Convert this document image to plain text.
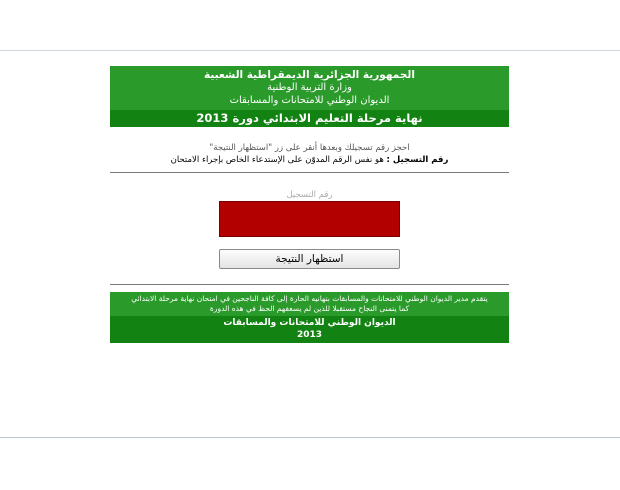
الجمهورية الجزائرية الديمقراطية الشعبية
وزارة التربية الوطنية
الديوان الوطني للامتحانات والمسابقات
نهاية مرحلة التعليم الابتدائي دورة 2013
احجز رقم تسجيلك وبعدها أنقر على زر "استظهار النتيجة"
رقم التسجيل : هو نفس الرقم المدوّن على الإستدعاء الخاص بإجراء الامتحان
رقم التسجيل
استظهار النتيجة
يتقدم مدير الديوان الوطني للامتحانات والمسابقات بتهانيه الحارة إلى كافة الناجحين في امتحان نهاية مرحلة الابتدائي
كما يتمنى النجاح مستقبلا للذين لم يسعفهم الحظ في هذه الدورة
الديوان الوطني للامتحانات والمسابقات
2013
